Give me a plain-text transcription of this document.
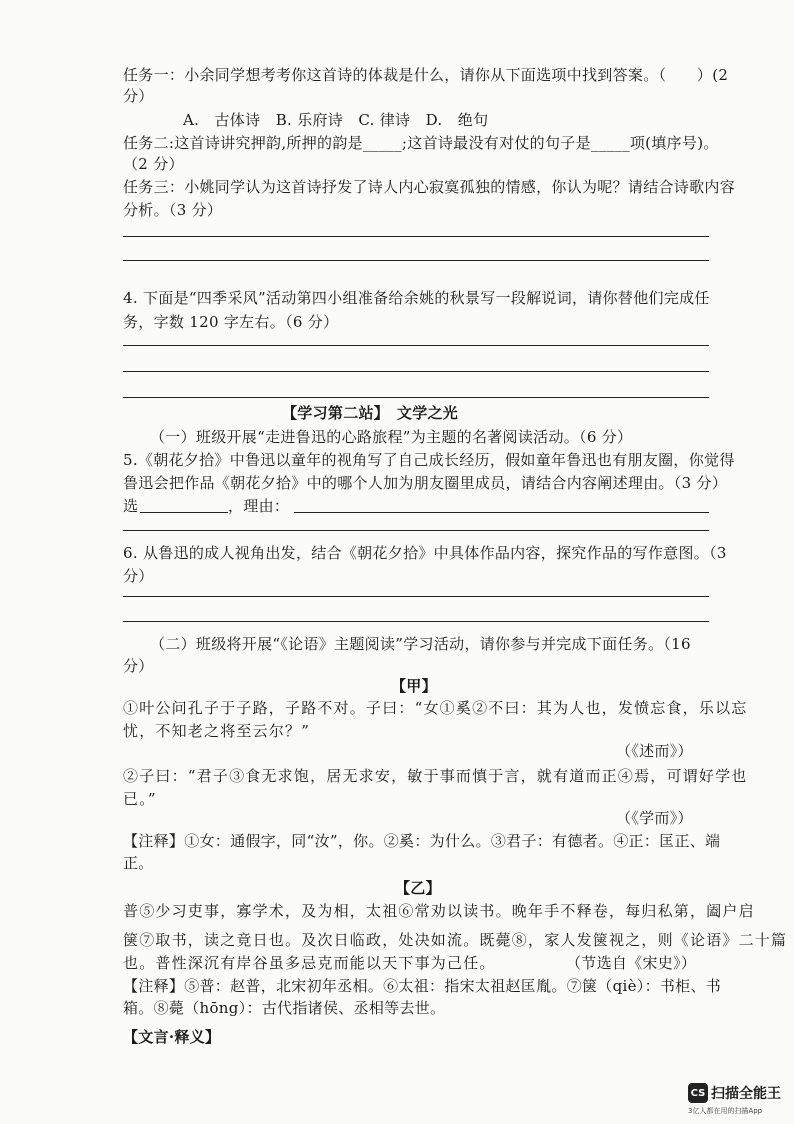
任务一：小余同学想考考你这首诗的体裁是什么，请你从下面选项中找到答案。（　　）(2
分）
A.　古体诗　B. 乐府诗　C. 律诗　D.　绝句
任务二:这首诗讲究押韵,所押的韵是_____;这首诗最没有对仗的句子是_____项(填序号)。
（2 分）
任务三：小姚同学认为这首诗抒发了诗人内心寂寞孤独的情感，你认为呢？请结合诗歌内容
分析。（3 分）
4. 下面是“四季采风”活动第四小组准备给余姚的秋景写一段解说词，请你替他们完成任
务，字数 120 字左右。（6 分）
【学习第二站】　文学之光
（一）班级开展“走进鲁迅的心路旅程”为主题的名著阅读活动。（6 分）
5.《朝花夕拾》中鲁迅以童年的视角写了自己成长经历，假如童年鲁迅也有朋友圈，你觉得
鲁迅会把作品《朝花夕拾》中的哪个人加为朋友圈里成员，请结合内容阐述理由。（3 分）
选	，理由：
6. 从鲁迅的成人视角出发，结合《朝花夕拾》中具体作品内容，探究作品的写作意图。（3
分）
（二）班级将开展“《论语》主题阅读”学习活动，请你参与并完成下面任务。（16
分）
【甲】
①叶公问孔子于子路，子路不对。子曰：“女①奚②不曰：其为人也，发愤忘食，乐以忘
忧，不知老之将至云尔？”
（《述而》）
②子曰：“君子③食无求饱，居无求安，敏于事而慎于言，就有道而正④焉，可谓好学也
已。”
（《学而》）
【注释】①女：通假字，同“汝”，你。②奚：为什么。③君子：有德者。④正：匡正、端
正。
【乙】
普⑤少习吏事，寡学术，及为相，太祖⑥常劝以读书。晚年手不释卷，每归私第，阖户启
箧⑦取书，读之竟日也。及次日临政，处决如流。既薨⑧，家人发箧视之，则《论语》二十篇
也。普性深沉有岸谷虽多忌克而能以天下事为己任。	（节选自《宋史》）
【注释】⑤普：赵普，北宋初年丞相。⑥太祖：指宋太祖赵匡胤。⑦箧（qiè）：书柜、书
箱。⑧薨（hōng）：古代指诸侯、丞相等去世。
【文言·释义】
CS 扫描全能王
3亿人都在用的扫描App
